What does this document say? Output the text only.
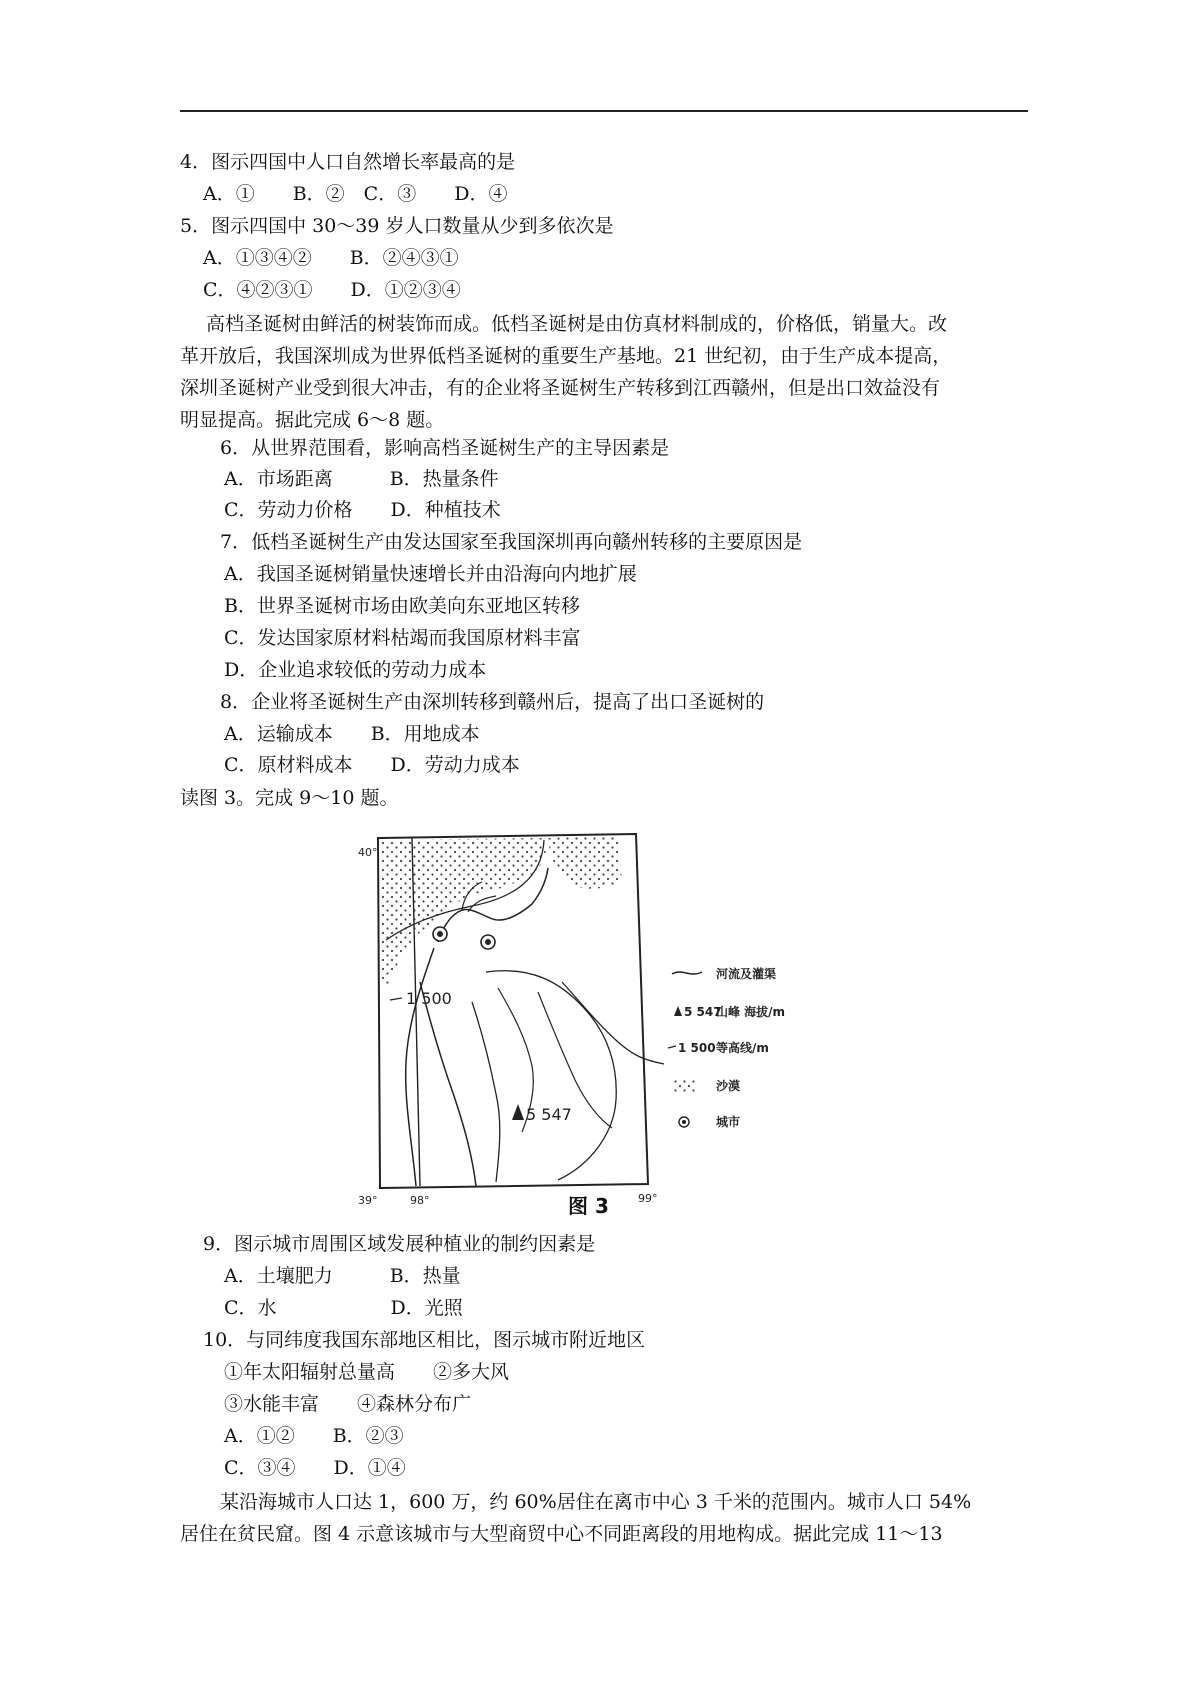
4．图示四国中人口自然增长率最高的是
A．①　　B．②　C．③　　D．④
5．图示四国中 30～39 岁人口数量从少到多依次是
A．①③④②　　B．②④③①
C．④②③①　　D．①②③④
高档圣诞树由鲜活的树装饰而成。低档圣诞树是由仿真材料制成的，价格低，销量大。改
革开放后，我国深圳成为世界低档圣诞树的重要生产基地。21 世纪初，由于生产成本提高，
深圳圣诞树产业受到很大冲击，有的企业将圣诞树生产转移到江西赣州，但是出口效益没有
明显提高。据此完成 6～8 题。
6．从世界范围看，影响高档圣诞树生产的主导因素是
A．市场距离　　　B．热量条件
C．劳动力价格　　D．种植技术
7．低档圣诞树生产由发达国家至我国深圳再向赣州转移的主要原因是
A．我国圣诞树销量快速增长并由沿海向内地扩展
B．世界圣诞树市场由欧美向东亚地区转移
C．发达国家原材料枯竭而我国原材料丰富
D．企业追求较低的劳动力成本
8．企业将圣诞树生产由深圳转移到赣州后，提高了出口圣诞树的
A．运输成本　　B．用地成本
C．原材料成本　　D．劳动力成本
读图 3。完成 9～10 题。
1 500
5 547
40°
39°	98°	99°
河流及灌渠
5 547
山峰 海拔/m
1 500 等高线/m
沙漠
城市
图 3
9．图示城市周围区域发展种植业的制约因素是
A．土壤肥力　　　B．热量
C．水　　　　　　D．光照
10．与同纬度我国东部地区相比，图示城市附近地区
①年太阳辐射总量高　　②多大风
③水能丰富　　④森林分布广
A．①②　　B．②③
C．③④　　D．①④
某沿海城市人口达 1，600 万，约 60%居住在离市中心 3 千米的范围内。城市人口 54%
居住在贫民窟。图 4 示意该城市与大型商贸中心不同距离段的用地构成。据此完成 11～13
